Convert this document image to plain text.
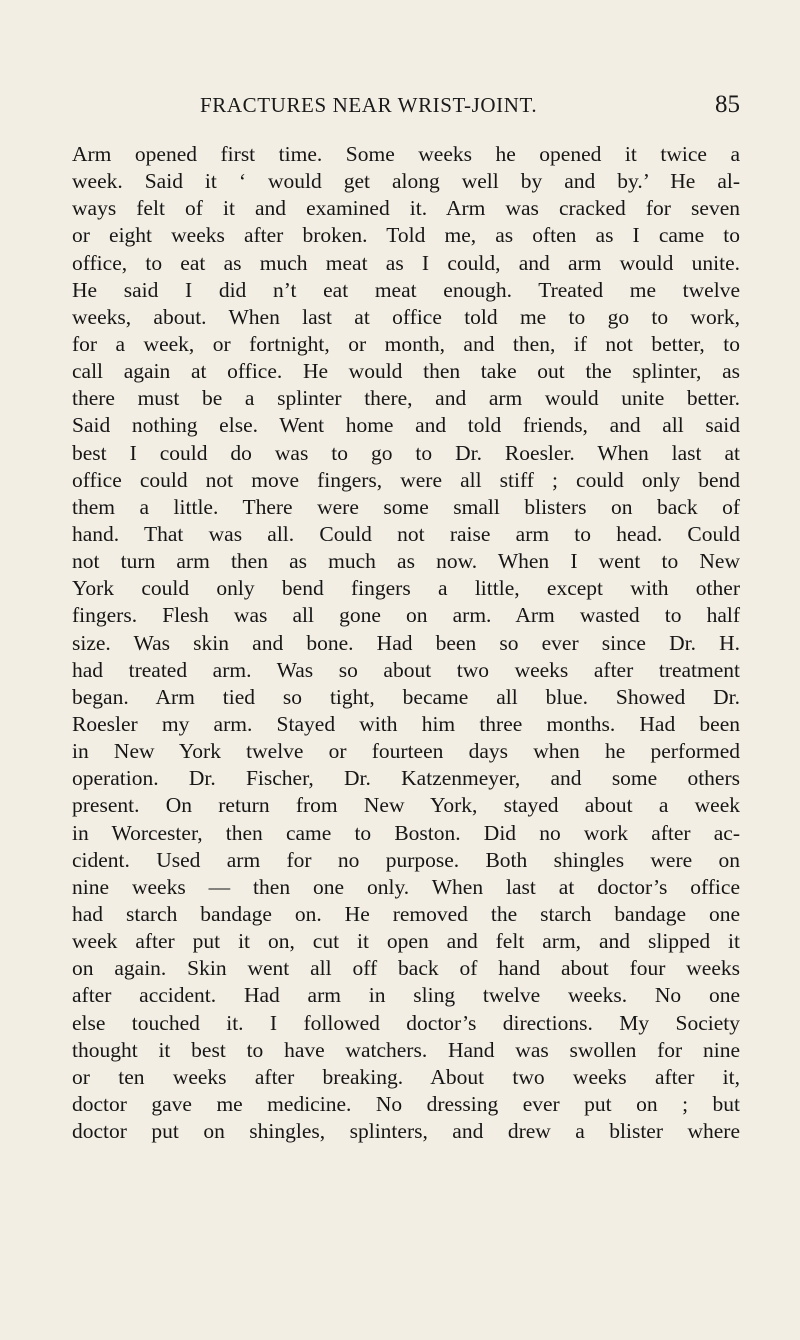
FRACTURES NEAR WRIST-JOINT.	85
Arm opened first time. Some weeks he opened it twice a
week. Said it ‘ would get along well by and by.’ He al-
ways felt of it and examined it. Arm was cracked for seven
or eight weeks after broken. Told me, as often as I came to
office, to eat as much meat as I could, and arm would unite.
He said I did n’t eat meat enough. Treated me twelve
weeks, about. When last at office told me to go to work,
for a week, or fortnight, or month, and then, if not better, to
call again at office. He would then take out the splinter, as
there must be a splinter there, and arm would unite better.
Said nothing else. Went home and told friends, and all said
best I could do was to go to Dr. Roesler. When last at
office could not move fingers, were all stiff ; could only bend
them a little. There were some small blisters on back of
hand. That was all. Could not raise arm to head. Could
not turn arm then as much as now. When I went to New
York could only bend fingers a little, except with other
fingers. Flesh was all gone on arm. Arm wasted to half
size. Was skin and bone. Had been so ever since Dr. H.
had treated arm. Was so about two weeks after treatment
began. Arm tied so tight, became all blue. Showed Dr.
Roesler my arm. Stayed with him three months. Had been
in New York twelve or fourteen days when he performed
operation. Dr. Fischer, Dr. Katzenmeyer, and some others
present. On return from New York, stayed about a week
in Worcester, then came to Boston. Did no work after ac-
cident. Used arm for no purpose. Both shingles were on
nine weeks — then one only. When last at doctor’s office
had starch bandage on. He removed the starch bandage one
week after put it on, cut it open and felt arm, and slipped it
on again. Skin went all off back of hand about four weeks
after accident. Had arm in sling twelve weeks. No one
else touched it. I followed doctor’s directions. My Society
thought it best to have watchers. Hand was swollen for nine
or ten weeks after breaking. About two weeks after it,
doctor gave me medicine. No dressing ever put on ; but
doctor put on shingles, splinters, and drew a blister where
